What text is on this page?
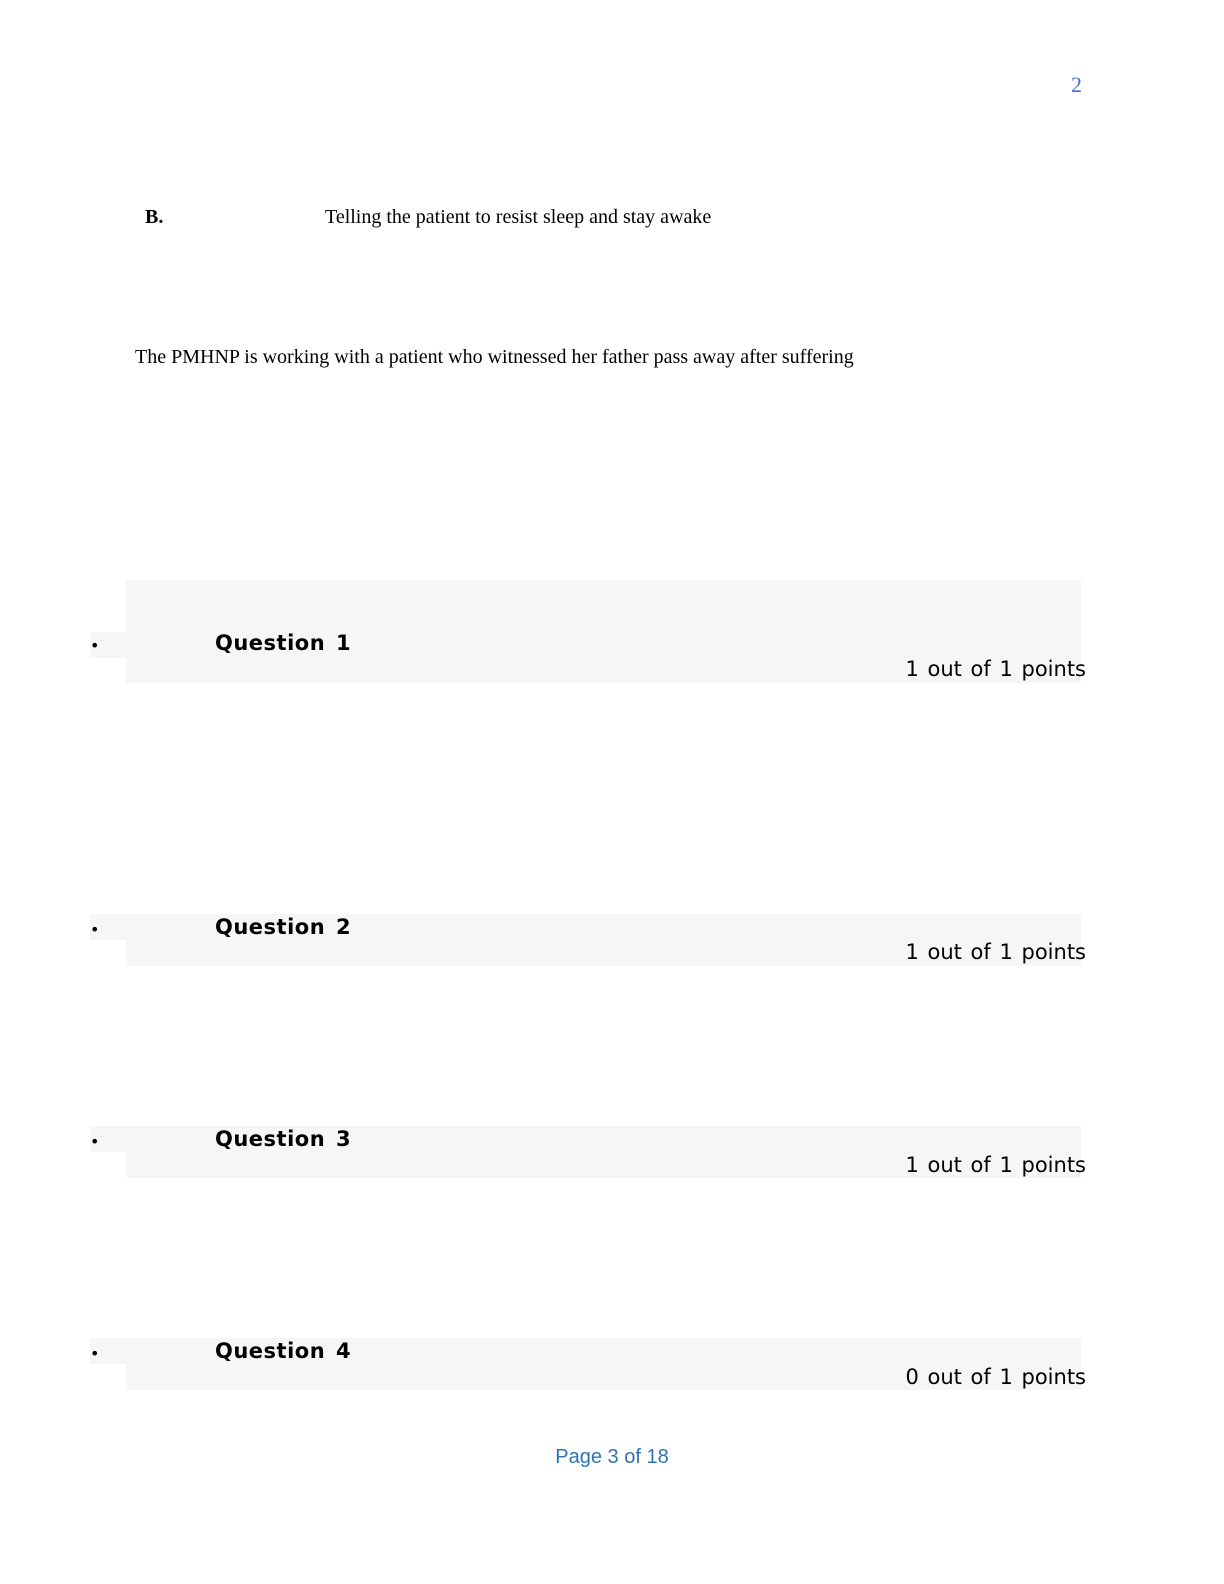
2
B.	Telling the patient to resist sleep and stay awake
The PMHNP is working with a patient who witnessed her father pass away after suffering
•	Question 1
1 out of 1 points
•	Question 2
1 out of 1 points
•	Question 3
1 out of 1 points
•	Question 4
0 out of 1 points
Page 3 of 18
